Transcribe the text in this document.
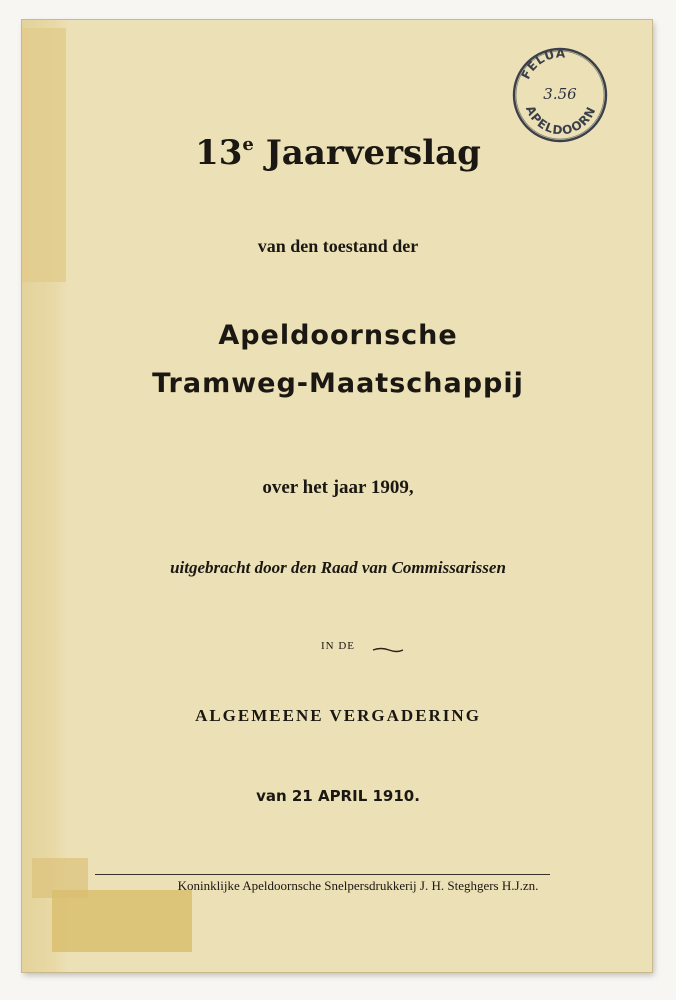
13e Jaarverslag
van den toestand der
Apeldoornsche
Tramweg-Maatschappij
over het jaar 1909,
uitgebracht door den Raad van Commissarissen
IN DE
ALGEMEENE VERGADERING
van 21 APRIL 1910.
Koninklijke Apeldoornsche Snelpersdrukkerij J. H. Steghgers H.J.zn.
FELUA
APELDOORN
3.56
